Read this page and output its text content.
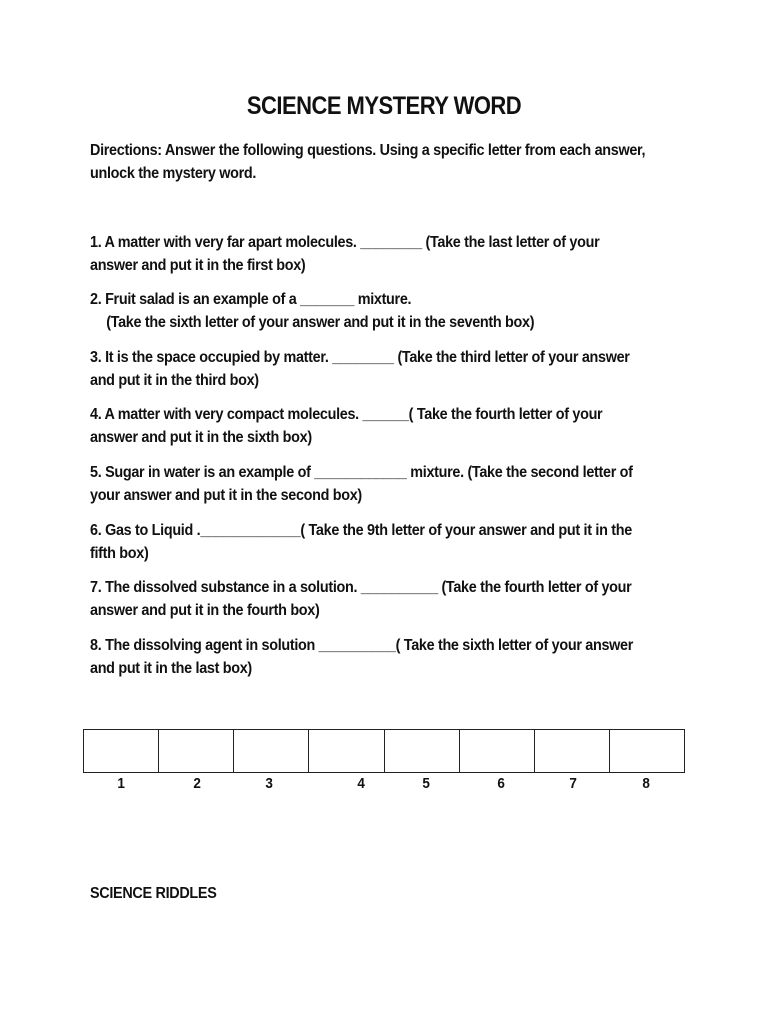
SCIENCE MYSTERY WORD
Directions: Answer the following questions. Using a specific letter from each answer, unlock the mystery word.

1. A matter with very far apart molecules. ________ (Take the last letter of your

answer and put it in the first box)

2. Fruit salad is an example of a _______ mixture.

(Take the sixth letter of your answer and put it in the seventh box)

3. It is the space occupied by matter. ________ (Take the third letter of your answer

and put it in the third box)

4. A matter with very compact molecules. ______( Take the fourth letter of your

answer and put it in the sixth box)

5. Sugar in water is an example of ____________ mixture. (Take the second letter of

your answer and put it in the second box)

6. Gas to Liquid ._____________( Take the 9th letter of your answer and put it in the

fifth box)

7. The dissolved substance in a solution. __________ (Take the fourth letter of your

answer and put it in the fourth box)

8. The dissolving agent in solution __________( Take the sixth letter of your answer

and put it in the last box)

1	2	3	4	5	6	7	8
SCIENCE RIDDLES
